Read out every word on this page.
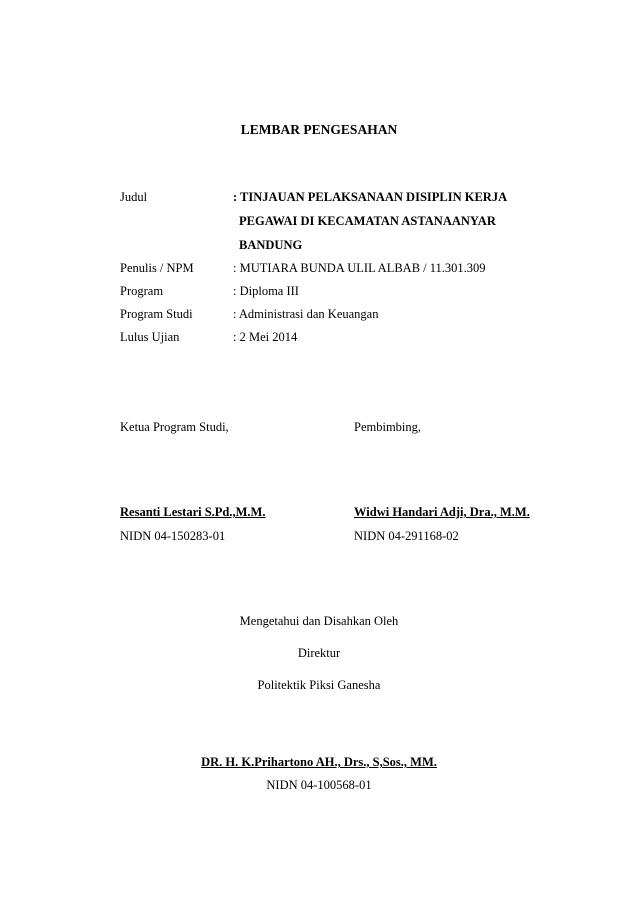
LEMBAR PENGESAHAN
Judul	: TINJAUAN PELAKSANAAN DISIPLIN KERJA
PEGAWAI DI KECAMATAN ASTANAANYAR
BANDUNG
Penulis / NPM	: MUTIARA BUNDA ULIL ALBAB / 11.301.309
Program	: Diploma III
Program Studi	: Administrasi dan Keuangan
Lulus Ujian	: 2 Mei 2014
Ketua Program Studi,	Pembimbing,
Resanti Lestari S.Pd.,M.M.	Widwi Handari Adji, Dra., M.M.
NIDN 04-150283-01	NIDN 04-291168-02
Mengetahui dan Disahkan Oleh
Direktur
Politektik Piksi Ganesha
DR. H. K.Prihartono AH., Drs., S,Sos., MM.
NIDN 04-100568-01
